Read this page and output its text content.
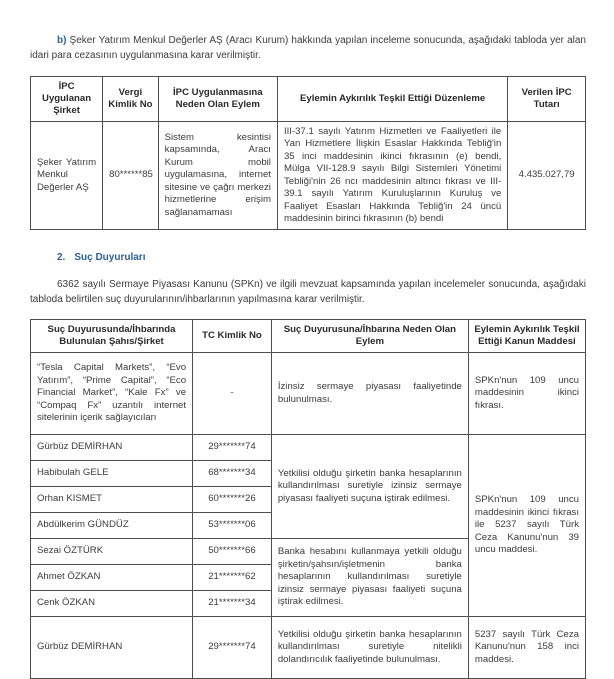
b) Şeker Yatırım Menkul Değerler AŞ (Aracı Kurum) hakkında yapılan inceleme sonucunda, aşağıdaki tabloda yer alan idari para cezasının uygulanmasına karar verilmiştir.

İPC Uygulanan Şirket	Vergi Kimlik No	İPC Uygulanmasına Neden Olan Eylem	Eylemin Aykırılık Teşkil Ettiği Düzenleme	Verilen İPC Tutarı
Şeker Yatırım Menkul Değerler AŞ	80******85	Sistem kesintisi kapsamında, Aracı Kurum mobil uygulamasına, internet sitesine ve çağrı merkezi hizmetlerine erişim sağlanamaması	III-37.1 sayılı Yatırım Hizmetleri ve Faaliyetleri ile Yan Hizmetlere İlişkin Esaslar Hakkında Tebliğ'in 35 inci maddesinin ikinci fıkrasının (e) bendi, Mülga VII-128.9 sayılı Bilgi Sistemleri Yönetimi Tebliği'nin 26 ncı maddesinin altıncı fıkrası ve III-39.1 sayılı Yatırım Kuruluşlarının Kuruluş ve Faaliyet Esasları Hakkında Tebliğ'in 24 üncü maddesinin birinci fıkrasının (b) bendi	4.435.027,79

2. Suç Duyuruları

6362 sayılı Sermaye Piyasası Kanunu (SPKn) ve ilgili mevzuat kapsamında yapılan incelemeler sonucunda, aşağıdaki tabloda belirtilen suç duyurularının/ihbarlarının yapılmasına karar verilmiştir.

Suç Duyurusunda/İhbarında Bulunulan Şahıs/Şirket	TC Kimlik No	Suç Duyurusuna/İhbarına Neden Olan Eylem	Eylemin Aykırılık Teşkil Ettiği Kanun Maddesi
“Tesla Capital Markets”, “Evo Yatırım”, “Prime Capital”, “Eco Financial Market”, “Kale Fx” ve “Compaq Fx” uzantılı internet sitelerinin içerik sağlayıcıları	-	İzinsiz sermaye piyasası faaliyetinde bulunulması.	SPKn'nun 109 uncu maddesinin ikinci fıkrası.
Gürbüz DEMİRHAN	29*******74	Yetkilisi olduğu şirketin banka hesaplarının kullandırılması suretiyle izinsiz sermaye piyasası faaliyeti suçuna iştirak edilmesi.	SPKn'nun 109 uncu maddesinin ikinci fıkrası ile 5237 sayılı Türk Ceza Kanunu'nun 39 uncu maddesi.
Habibulah GELE	68*******34		
Orhan KISMET	60*******26		
Abdülkerim GÜNDÜZ	53*******06		
Sezai ÖZTÜRK	50*******66	Banka hesabını kullanmaya yetkili olduğu şirketin/şahsın/işletmenin banka hesaplarının kullandırılması suretiyle izinsiz sermaye piyasası faaliyeti suçuna iştirak edilmesi.	
Ahmet ÖZKAN	21*******62		
Cenk ÖZKAN	21*******34		
Gürbüz DEMİRHAN	29*******74	Yetkilisi olduğu şirketin banka hesaplarının kullandırılması suretiyle nitelikli dolandırıcılık faaliyetinde bulunulması.	5237 sayılı Türk Ceza Kanunu'nun 158 inci maddesi.
